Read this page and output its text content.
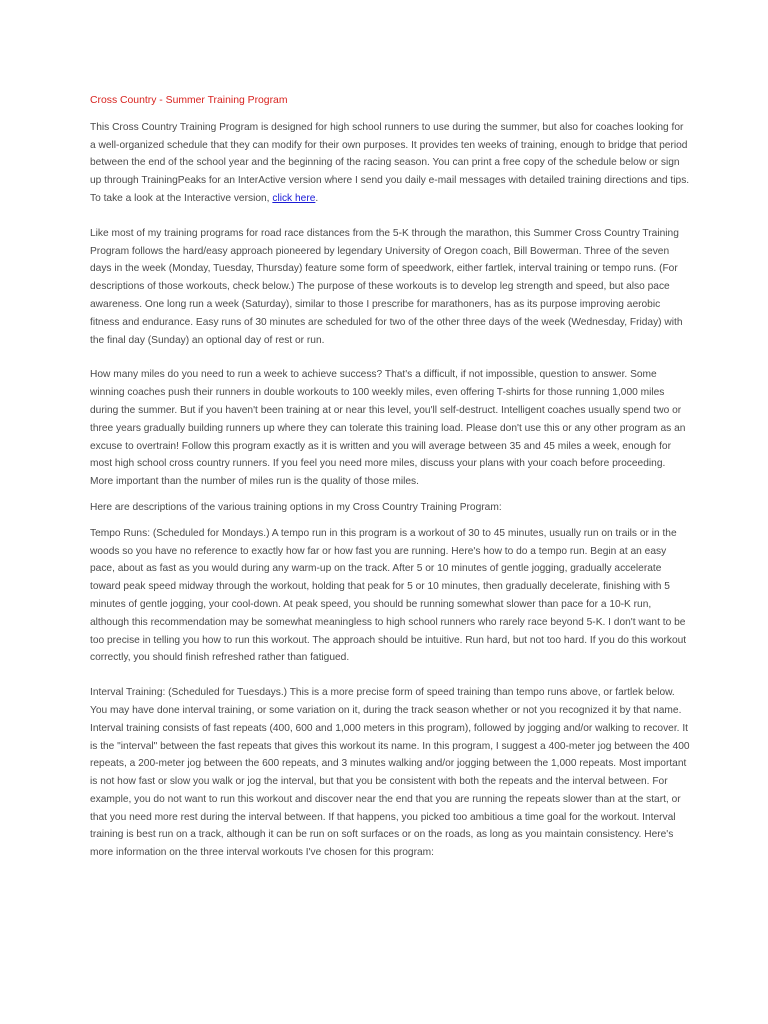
Cross Country - Summer Training Program

This Cross Country Training Program is designed for high school runners to use during the summer, but also for coaches looking for a well-organized schedule that they can modify for their own purposes. It provides ten weeks of training, enough to bridge that period between the end of the school year and the beginning of the racing season. You can print a free copy of the schedule below or sign up through TrainingPeaks for an InterActive version where I send you daily e-mail messages with detailed training directions and tips. To take a look at the Interactive version, click here.

Like most of my training programs for road race distances from the 5-K through the marathon, this Summer Cross Country Training Program follows the hard/easy approach pioneered by legendary University of Oregon coach, Bill Bowerman. Three of the seven days in the week (Monday, Tuesday, Thursday) feature some form of speedwork, either fartlek, interval training or tempo runs. (For descriptions of those workouts, check below.) The purpose of these workouts is to develop leg strength and speed, but also pace awareness. One long run a week (Saturday), similar to those I prescribe for marathoners, has as its purpose improving aerobic fitness and endurance. Easy runs of 30 minutes are scheduled for two of the other three days of the week (Wednesday, Friday) with the final day (Sunday) an optional day of rest or run.

How many miles do you need to run a week to achieve success? That's a difficult, if not impossible, question to answer. Some winning coaches push their runners in double workouts to 100 weekly miles, even offering T-shirts for those running 1,000 miles during the summer. But if you haven't been training at or near this level, you'll self-destruct. Intelligent coaches usually spend two or three years gradually building runners up where they can tolerate this training load. Please don't use this or any other program as an excuse to overtrain! Follow this program exactly as it is written and you will average between 35 and 45 miles a week, enough for most high school cross country runners. If you feel you need more miles, discuss your plans with your coach before proceeding. More important than the number of miles run is the quality of those miles.

Here are descriptions of the various training options in my Cross Country Training Program:

Tempo Runs: (Scheduled for Mondays.) A tempo run in this program is a workout of 30 to 45 minutes, usually run on trails or in the woods so you have no reference to exactly how far or how fast you are running. Here's how to do a tempo run. Begin at an easy pace, about as fast as you would during any warm-up on the track. After 5 or 10 minutes of gentle jogging, gradually accelerate toward peak speed midway through the workout, holding that peak for 5 or 10 minutes, then gradually decelerate, finishing with 5 minutes of gentle jogging, your cool-down. At peak speed, you should be running somewhat slower than pace for a 10-K run, although this recommendation may be somewhat meaningless to high school runners who rarely race beyond 5-K. I don't want to be too precise in telling you how to run this workout. The approach should be intuitive. Run hard, but not too hard. If you do this workout correctly, you should finish refreshed rather than fatigued.

Interval Training: (Scheduled for Tuesdays.) This is a more precise form of speed training than tempo runs above, or fartlek below. You may have done interval training, or some variation on it, during the track season whether or not you recognized it by that name. Interval training consists of fast repeats (400, 600 and 1,000 meters in this program), followed by jogging and/or walking to recover. It is the "interval" between the fast repeats that gives this workout its name. In this program, I suggest a 400-meter jog between the 400 repeats, a 200-meter jog between the 600 repeats, and 3 minutes walking and/or jogging between the 1,000 repeats. Most important is not how fast or slow you walk or jog the interval, but that you be consistent with both the repeats and the interval between. For example, you do not want to run this workout and discover near the end that you are running the repeats slower than at the start, or that you need more rest during the interval between. If that happens, you picked too ambitious a time goal for the workout. Interval training is best run on a track, although it can be run on soft surfaces or on the roads, as long as you maintain consistency. Here's more information on the three interval workouts I've chosen for this program:
